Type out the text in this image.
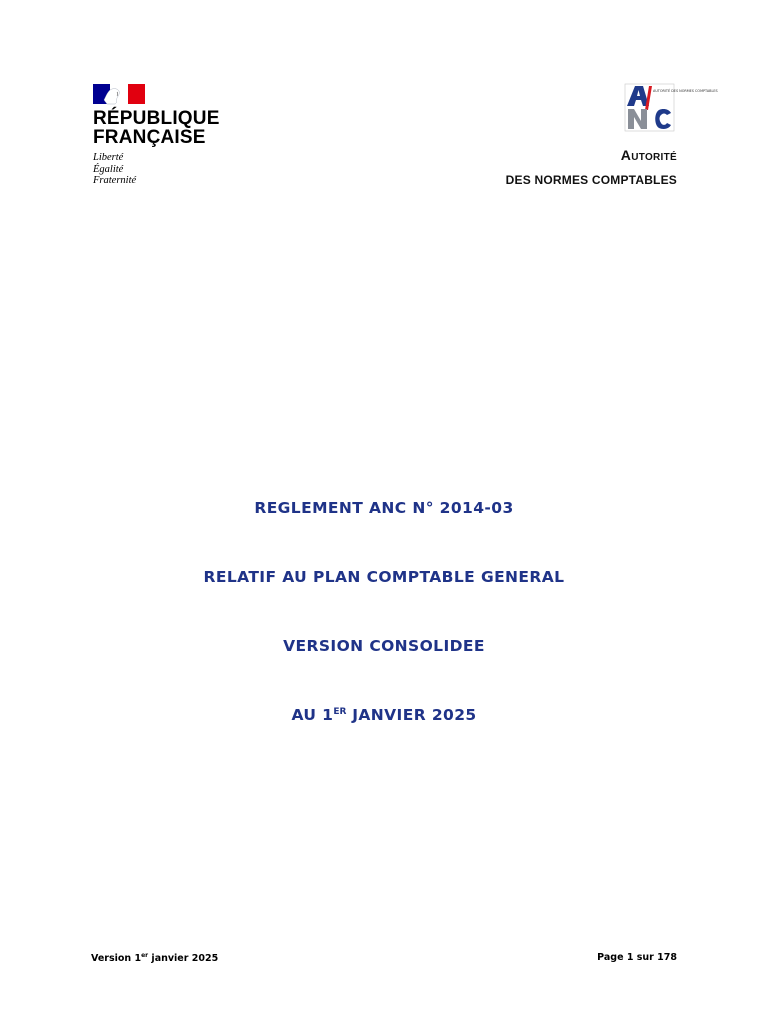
RÉPUBLIQUE
FRANÇAISE
Liberté
Égalité
Fraternité
AUTORITÉ DES NORMES COMPTABLES
Autorité
DES NORMES COMPTABLES
REGLEMENT ANC N° 2014-03
RELATIF AU PLAN COMPTABLE GENERAL
VERSION CONSOLIDEE
AU 1ER JANVIER 2025
Version 1er janvier 2025	Page 1 sur 178
